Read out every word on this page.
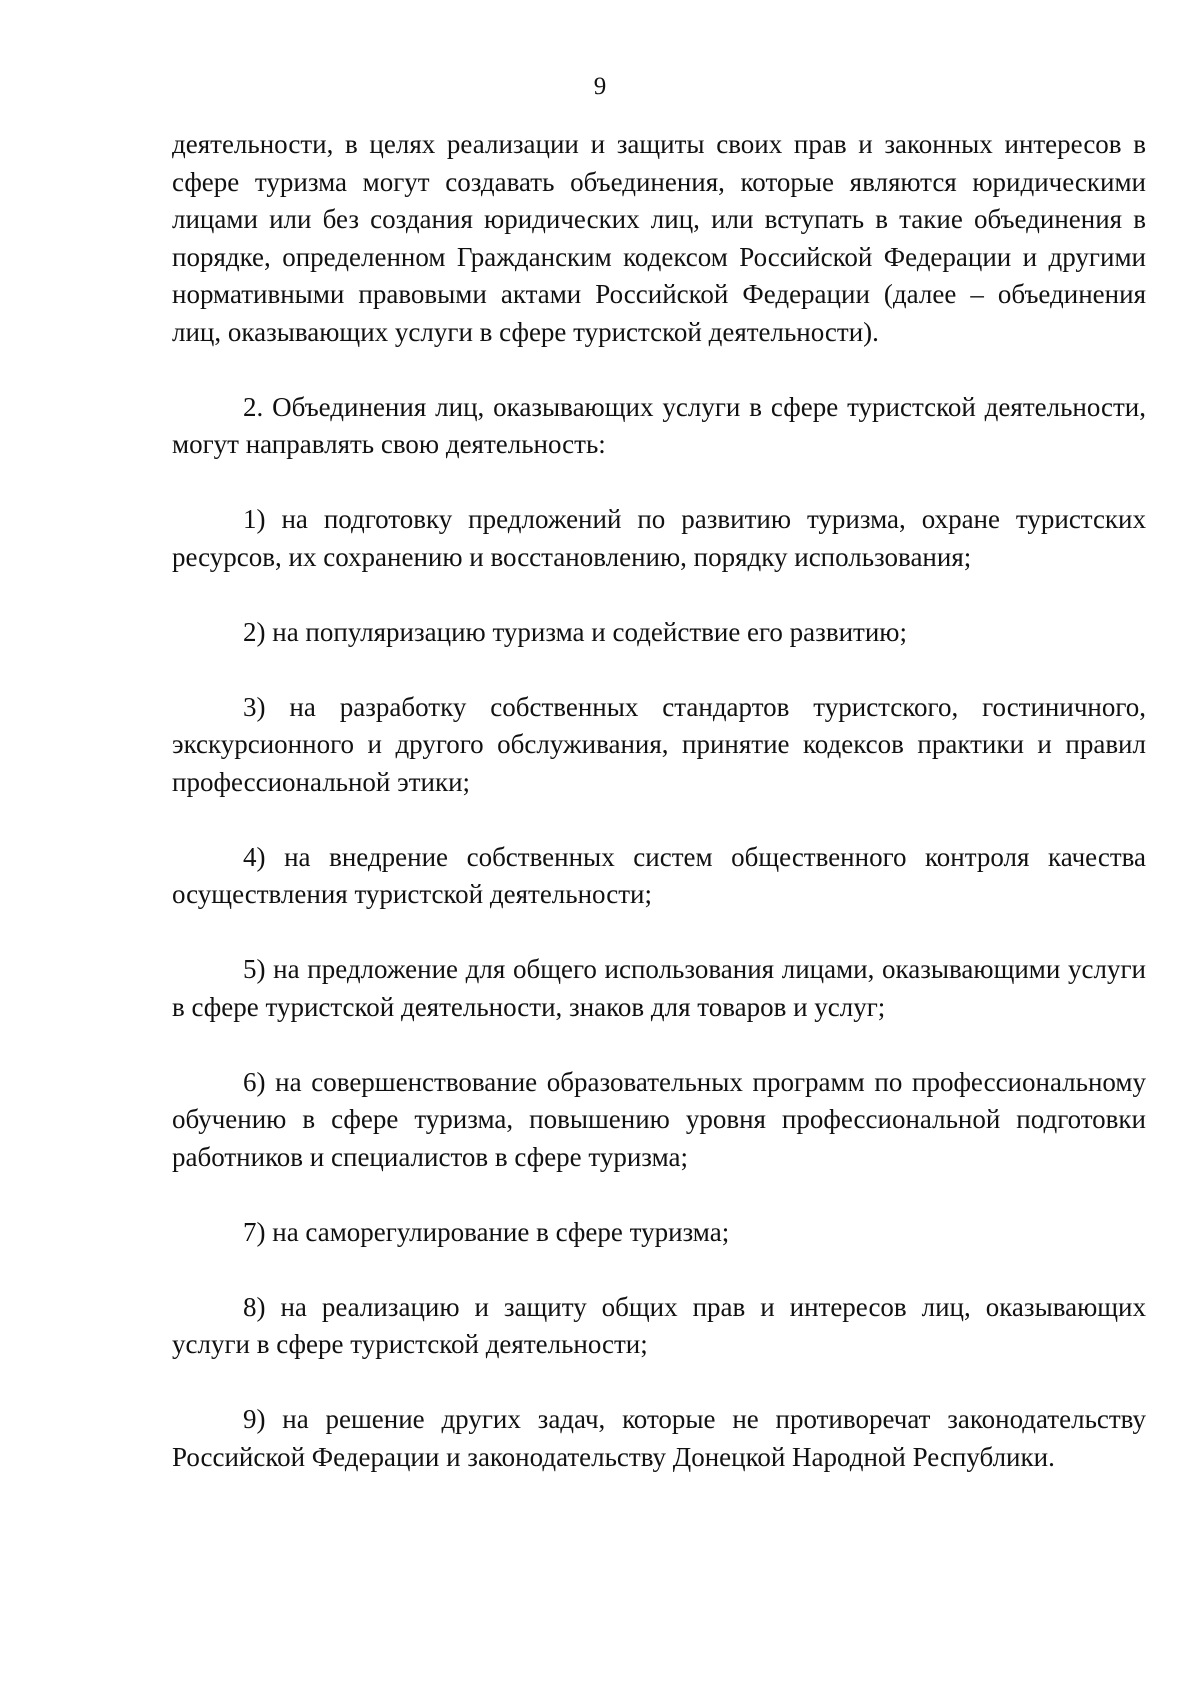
9

деятельности, в целях реализации и защиты своих прав и законных интересов в сфере туризма могут создавать объединения, которые являются юридическими лицами или без создания юридических лиц, или вступать в такие объединения в порядке, определенном Гражданским кодексом Российской Федерации и другими нормативными правовыми актами Российской Федерации (далее – объединения лиц, оказывающих услуги в сфере туристской деятельности).

2. Объединения лиц, оказывающих услуги в сфере туристской деятельности, могут направлять свою деятельность:

1) на подготовку предложений по развитию туризма, охране туристских ресурсов, их сохранению и восстановлению, порядку использования;

2) на популяризацию туризма и содействие его развитию;

3) на разработку собственных стандартов туристского, гостиничного, экскурсионного и другого обслуживания, принятие кодексов практики и правил профессиональной этики;

4) на внедрение собственных систем общественного контроля качества осуществления туристской деятельности;

5) на предложение для общего использования лицами, оказывающими услуги в сфере туристской деятельности, знаков для товаров и услуг;

6) на совершенствование образовательных программ по профессиональному обучению в сфере туризма, повышению уровня профессиональной подготовки работников и специалистов в сфере туризма;

7) на саморегулирование в сфере туризма;

8) на реализацию и защиту общих прав и интересов лиц, оказывающих услуги в сфере туристской деятельности;

9) на решение других задач, которые не противоречат законодательству Российской Федерации и законодательству Донецкой Народной Республики.
